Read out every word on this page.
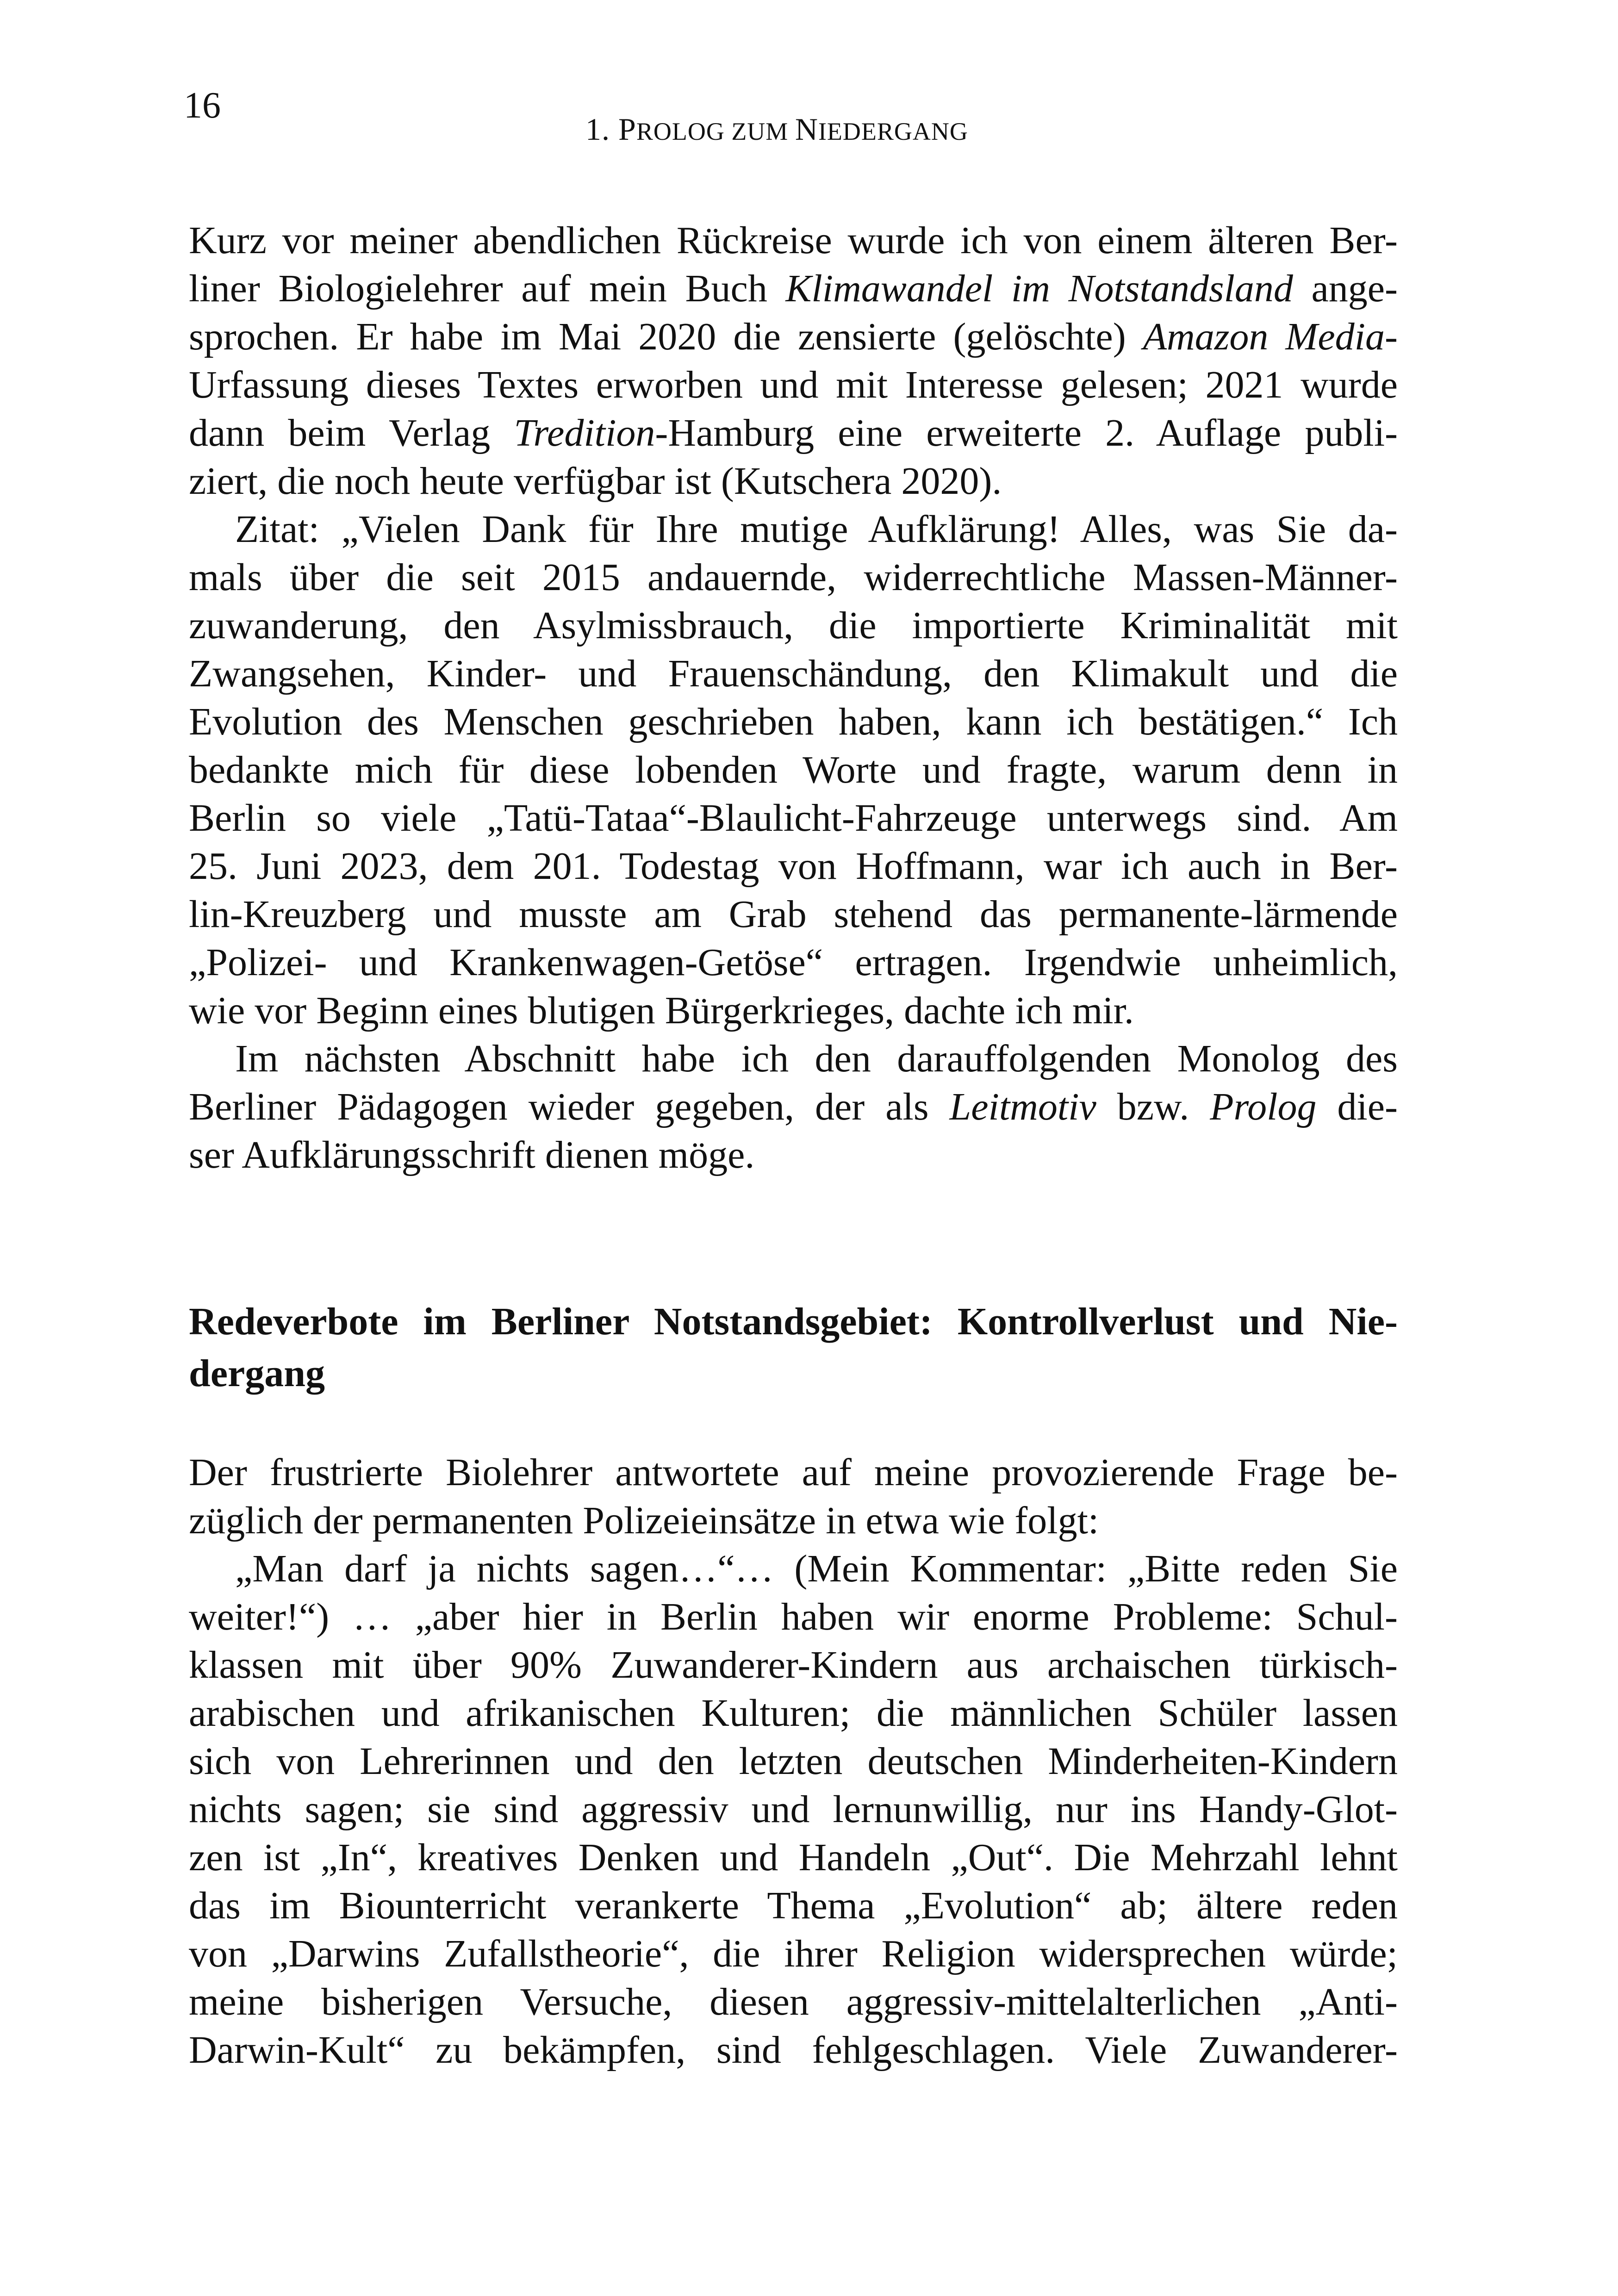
16
1. PROLOG ZUM NIEDERGANG

Kurz vor meiner abendlichen Rückreise wurde ich von einem älteren Ber-
liner Biologielehrer auf mein Buch Klimawandel im Notstandsland ange-
sprochen. Er habe im Mai 2020 die zensierte (gelöschte) Amazon Media-
Urfassung dieses Textes erworben und mit Interesse gelesen; 2021 wurde
dann beim Verlag Tredition-Hamburg eine erweiterte 2. Auflage publi-
ziert, die noch heute verfügbar ist (Kutschera 2020).

Zitat: „Vielen Dank für Ihre mutige Aufklärung! Alles, was Sie da-
mals über die seit 2015 andauernde, widerrechtliche Massen-Männer-
zuwanderung, den Asylmissbrauch, die importierte Kriminalität mit
Zwangsehen, Kinder- und Frauenschändung, den Klimakult und die
Evolution des Menschen geschrieben haben, kann ich bestätigen.“ Ich
bedankte mich für diese lobenden Worte und fragte, warum denn in
Berlin so viele „Tatü-Tataa“-Blaulicht-Fahrzeuge unterwegs sind. Am
25. Juni 2023, dem 201. Todestag von Hoffmann, war ich auch in Ber-
lin-Kreuzberg und musste am Grab stehend das permanente-lärmende
„Polizei- und Krankenwagen-Getöse“ ertragen. Irgendwie unheimlich,
wie vor Beginn eines blutigen Bürgerkrieges, dachte ich mir.

Im nächsten Abschnitt habe ich den darauffolgenden Monolog des
Berliner Pädagogen wieder gegeben, der als Leitmotiv bzw. Prolog die-
ser Aufklärungsschrift dienen möge.

Redeverbote im Berliner Notstandsgebiet: Kontrollverlust und Nie-
dergang

Der frustrierte Biolehrer antwortete auf meine provozierende Frage be-
züglich der permanenten Polizeieinsätze in etwa wie folgt:

„Man darf ja nichts sagen…“… (Mein Kommentar: „Bitte reden Sie
weiter!“) … „aber hier in Berlin haben wir enorme Probleme: Schul-
klassen mit über 90% Zuwanderer-Kindern aus archaischen türkisch-
arabischen und afrikanischen Kulturen; die männlichen Schüler lassen
sich von Lehrerinnen und den letzten deutschen Minderheiten-Kindern
nichts sagen; sie sind aggressiv und lernunwillig, nur ins Handy-Glot-
zen ist „In“, kreatives Denken und Handeln „Out“. Die Mehrzahl lehnt
das im Biounterricht verankerte Thema „Evolution“ ab; ältere reden
von „Darwins Zufallstheorie“, die ihrer Religion widersprechen würde;
meine bisherigen Versuche, diesen aggressiv-mittelalterlichen „Anti-
Darwin-Kult“ zu bekämpfen, sind fehlgeschlagen. Viele Zuwanderer-
